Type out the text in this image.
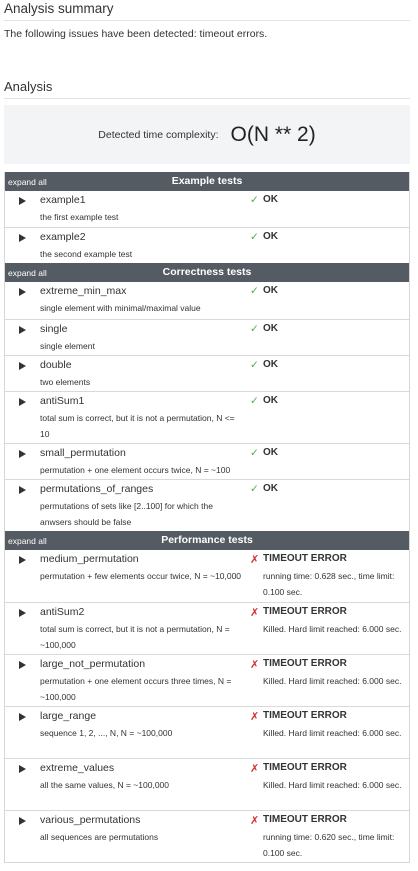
Analysis summary
The following issues have been detected: timeout errors.
Analysis
Detected time complexity: O(N ** 2)
expand all	Example tests
example1
the first example test
✓ OK
example2
the second example test
✓ OK
expand all	Correctness tests
extreme_min_max
single element with minimal/maximal value
✓ OK
single
single element
✓ OK
double
two elements
✓ OK
antiSum1
total sum is correct, but it is not a permutation, N <= 10
✓ OK
small_permutation
permutation + one element occurs twice, N = ~100
✓ OK
permutations_of_ranges
permutations of sets like [2..100] for which the anwsers should be false
✓ OK
expand all	Performance tests
medium_permutation
permutation + few elements occur twice, N = ~10,000
✗ TIMEOUT ERROR
running time: 0.628 sec., time limit: 0.100 sec.
antiSum2
total sum is correct, but it is not a permutation, N = ~100,000
✗ TIMEOUT ERROR
Killed. Hard limit reached: 6.000 sec.
large_not_permutation
permutation + one element occurs three times, N = ~100,000
✗ TIMEOUT ERROR
Killed. Hard limit reached: 6.000 sec.
large_range
sequence 1, 2, ..., N, N = ~100,000
✗ TIMEOUT ERROR
Killed. Hard limit reached: 6.000 sec.
extreme_values
all the same values, N = ~100,000
✗ TIMEOUT ERROR
Killed. Hard limit reached: 6.000 sec.
various_permutations
all sequences are permutations
✗ TIMEOUT ERROR
running time: 0.620 sec., time limit: 0.100 sec.
